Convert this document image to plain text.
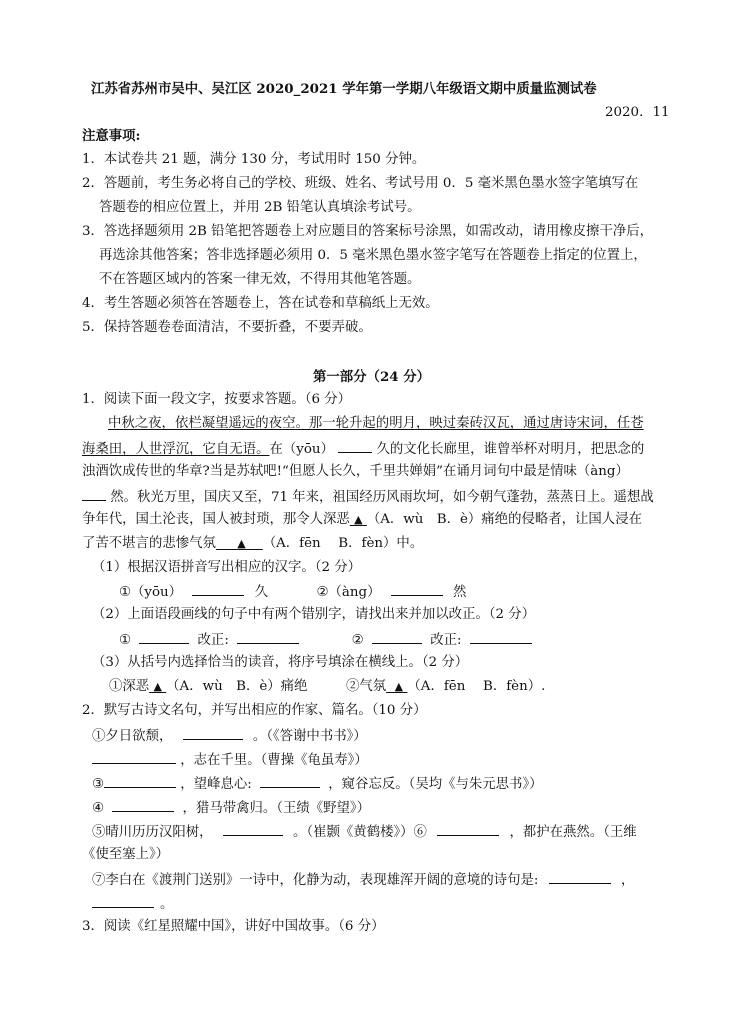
江苏省苏州市吴中、吴江区 2020_2021 学年第一学期八年级语文期中质量监测试卷
2020．11
注意事项:
1．本试卷共 21 题，满分 130 分，考试用时 150 分钟。
2．答题前，考生务必将自己的学校、班级、姓名、考试号用 0．5 毫米黑色墨水签字笔填写在
答题卷的相应位置上，并用 2B 铅笔认真填涂考试号。
3．答选择题须用 2B 铅笔把答题卷上对应题目的答案标号涂黑，如需改动，请用橡皮擦干净后，
再选涂其他答案；答非选择题必须用 0．5 毫米黑色墨水签字笔写在答题卷上指定的位置上，
不在答题区域内的答案一律无效，不得用其他笔答题。
4．考生答题必须答在答题卷上，答在试卷和草稿纸上无效。
5．保持答题卷卷面清洁，不要折叠，不要弄破。
第一部分（24 分）
1．阅读下面一段文字，按要求答题。（6 分）
中秋之夜，依栏凝望遥远的夜空。那一轮升起的明月，映过秦砖汉瓦，通过唐诗宋词，任苍
海桑田，人世浮沉，它自无语。在（yōu）	久的文化长廊里，谁曾举杯对明月，把思念的
浊酒饮成传世的华章?当是苏轼吧!“但愿人长久，千里共婵娟”在诵月词句中最是情味（àng）
然。秋光万里，国庆又至，71 年来，祖国经历风雨坎坷，如今朝气蓬勃，蒸蒸日上。遥想战
争年代，国土沦丧，国人被封琐，那令人深恶 ▲ （A．wù　B．è）痛绝的侵略者，让国人浸在
了苦不堪言的悲惨气氛 ▲ （A．fēn　 B．fèn）中。
（1）根据汉语拼音写出相应的汉字。（2 分）
①（yōu）	久	②（àng）	然
（2）上面语段画线的句子中有两个错别字，请找出来并加以改正。（2 分）
①	改正:	②	改正:
（3）从括号内选择恰当的读音，将序号填涂在横线上。（2 分）
①深恶 ▲ （A．wù　B．è）痛绝	②气氛 ▲ （A．fēn　 B．fèn）.
2．默写古诗文名句，并写出相应的作家、篇名。（10 分）
①夕日欲颓，	。（《答谢中书书》）
，志在千里。（曹操《龟虽寿》）
③	，望峰息心:	，窥谷忘反。（吴均《与朱元思书》）
④	，猎马带禽归。（王绩《野望》）
⑤晴川历历汉阳树，	。（崔颢《黄鹤楼》）⑥	，都护在燕然。（王维
《使至塞上》）
⑦李白在《渡荆门送别》一诗中，化静为动，表现雄浑开阔的意境的诗句是:	，
。
3．阅读《红星照耀中国》，讲好中国故事。（6 分）
